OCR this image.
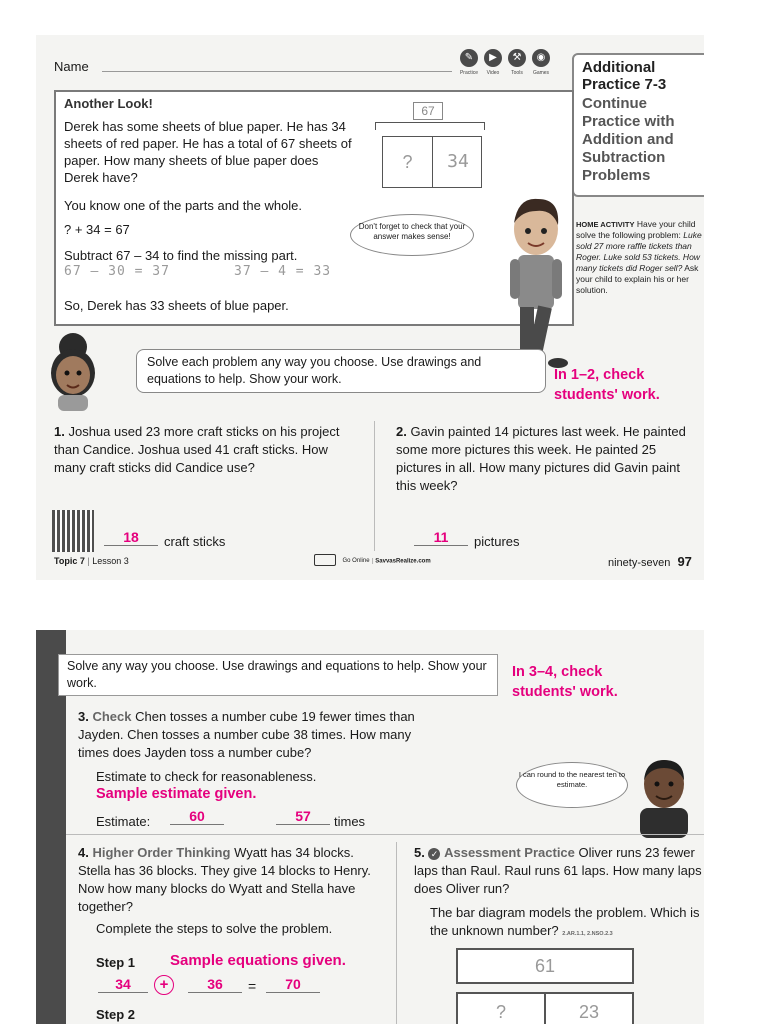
Name
✎
Practice
▶
Video
⚒
Tools
◉
Games Additional
Practice 7-3
Continue Practice with Addition and Subtraction Problems
HOME ACTIVITY Have your child solve the following problem: Luke sold 27 more raffle tickets than Roger. Luke sold 53 tickets. How many tickets did Roger sell? Ask your child to explain his or her solution.
Another Look!
Derek has some sheets of blue paper. He has 34 sheets of red paper. He has a total of 67 sheets of paper. How many sheets of blue paper does Derek have?
You know one of the parts and the whole.
? + 34 = 67
Subtract 67 – 34 to find the missing part.
67 – 30 = 37	37 – 4 = 33
So, Derek has 33 sheets of blue paper.
67
?	34
Don't forget to check that your answer makes sense!
Solve each problem any way you choose. Use drawings and equations to help. Show your work.	In 1–2, check
students' work.
1. Joshua used 23 more craft sticks on his project than Candice. Joshua used 41 craft sticks. How many craft sticks did Candice use?
2. Gavin painted 14 pictures last week. He painted some more pictures this week. He painted 25 pictures in all. How many pictures did Gavin paint this week?
18	craft sticks	11	pictures
Topic 7 | Lesson 3	Go Online | SavvasRealize.com	ninety-seven 97
Solve any way you choose. Use drawings and equations to help. Show your work.
In 3–4, check
students' work.
3. Check Chen tosses a number cube 19 fewer times than Jayden. Chen tosses a number cube 38 times. How many times does Jayden toss a number cube?
Estimate to check for reasonableness.
Sample estimate given.
Estimate:	60	57	times
I can round to the nearest ten to estimate.
4. Higher Order Thinking Wyatt has 34 blocks. Stella has 36 blocks. They give 14 blocks to Henry. Now how many blocks do Wyatt and Stella have together?
Complete the steps to solve the problem.
Step 1 Sample equations given.
34	+	36	=	70
Step 2
5. ✓ Assessment Practice Oliver runs 23 fewer laps than Raul. Raul runs 61 laps. How many laps does Oliver run?
The bar diagram models the problem. Which is the unknown number? 2.AR.1.1, 2.NSO.2.3
61
?	23
